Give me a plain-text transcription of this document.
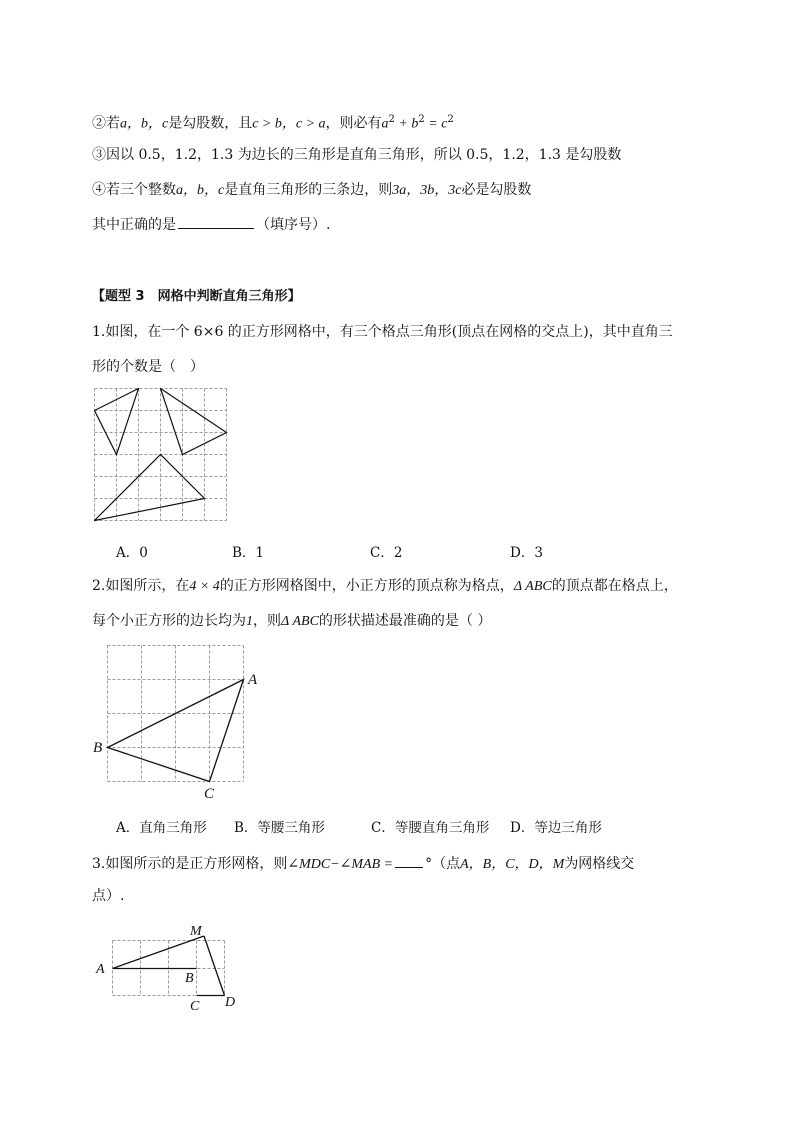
②若a，b，c是勾股数，且c > b，c > a，则必有$a^2 + b^2 = c^2$
③因以 0.5，1.2，1.3 为边长的三角形是直角三角形，所以 0.5，1.2，1.3 是勾股数
④若三个整数a，b，c是直角三角形的三条边，则3a，3b，3c必是勾股数
其中正确的是	（填序号）.
【题型 3　网格中判断直角三角形】
1.如图，在一个 6×6 的正方形网格中，有三个格点三角形(顶点在网格的交点上)，其中直角三
形的个数是（　）
A．0	B．1	C．2	D．3
2.如图所示，在4 × 4的正方形网格图中，小正方形的顶点称为格点，Δ ABC的顶点都在格点上，
每个小正方形的边长均为1，则Δ ABC的形状描述最准确的是（ ）
A
B
C
A．直角三角形 B．等腰三角形	C．等腰直角三角形 D．等边三角形
3.如图所示的是正方形网格，则∠MDC−∠MAB = °（点A，B，C，D，M为网格线交
点）.
M
A
B
C D
